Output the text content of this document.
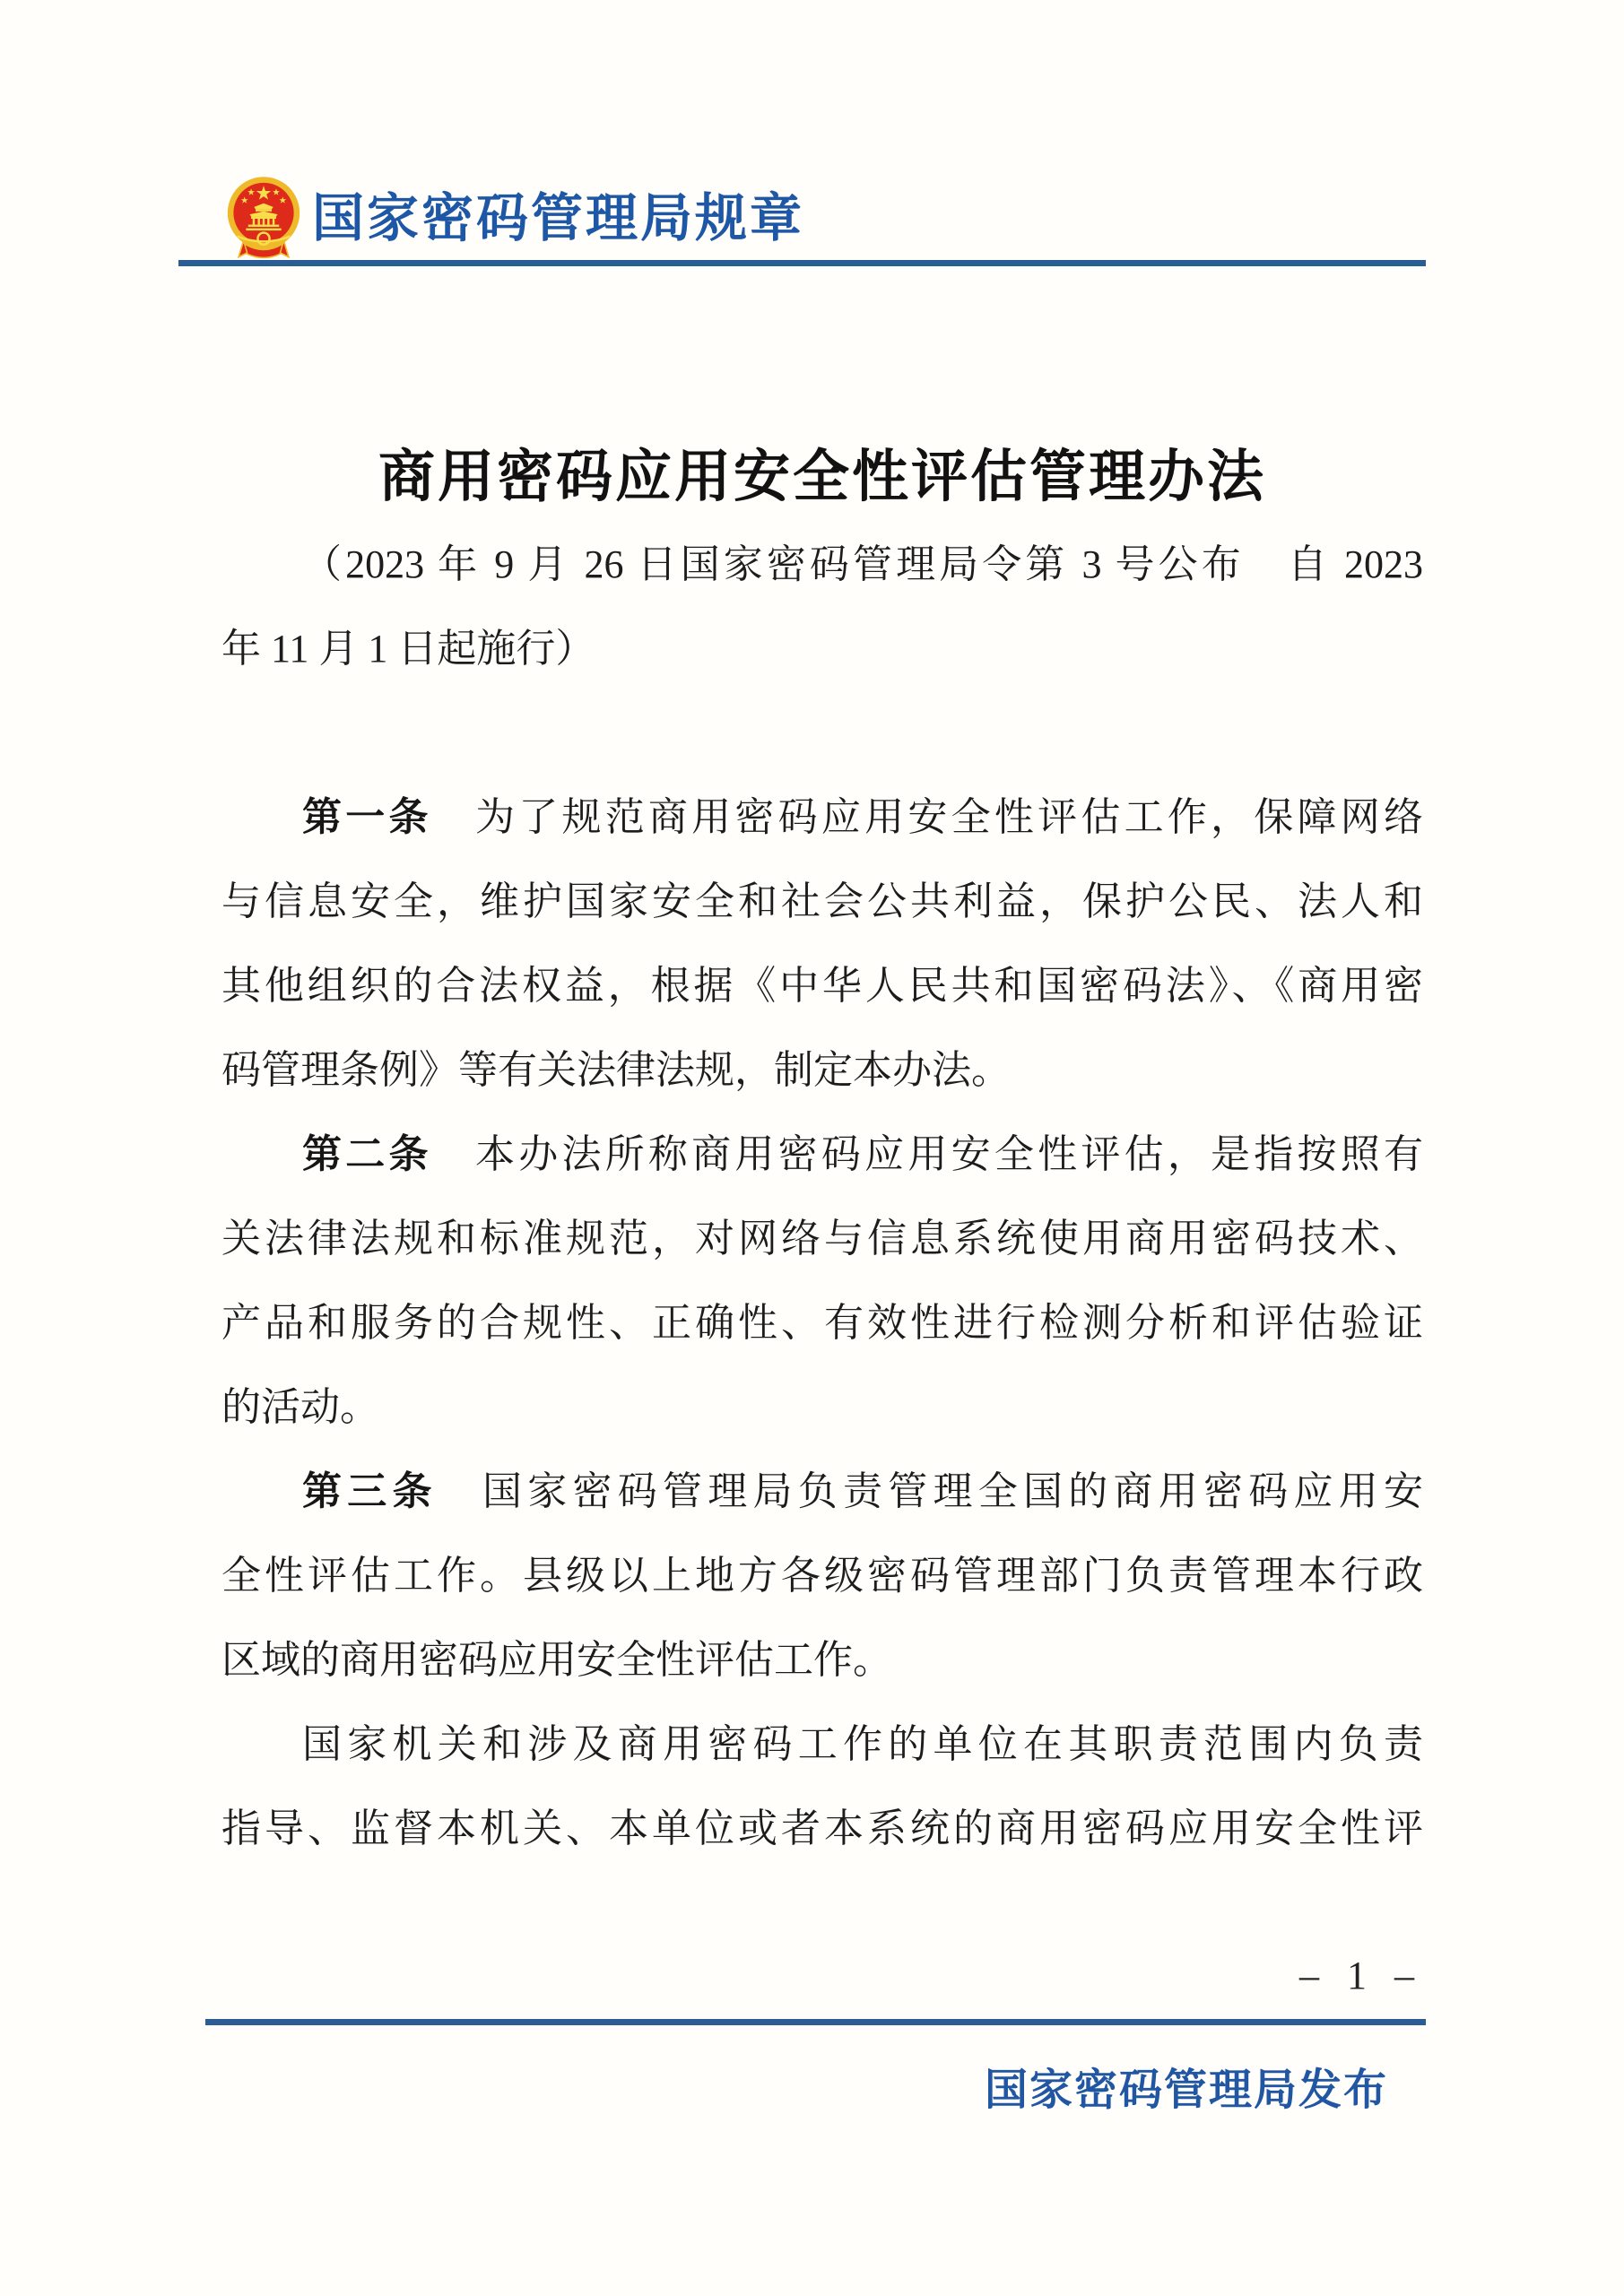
国家密码管理局规章
商用密码应用安全性评估管理办法
（2023 年 9 月 26 日国家密码管理局令第 3 号公布　自 2023
年 11 月 1 日起施行）
第一条　为了规范商用密码应用安全性评估工作，保障网络
与信息安全，维护国家安全和社会公共利益，保护公民、法人和
其他组织的合法权益，根据《中华人民共和国密码法》、《商用密
码管理条例》等有关法律法规，制定本办法。
第二条　本办法所称商用密码应用安全性评估，是指按照有
关法律法规和标准规范，对网络与信息系统使用商用密码技术、
产品和服务的合规性、正确性、有效性进行检测分析和评估验证
的活动。
第三条　国家密码管理局负责管理全国的商用密码应用安
全性评估工作。县级以上地方各级密码管理部门负责管理本行政
区域的商用密码应用安全性评估工作。
国家机关和涉及商用密码工作的单位在其职责范围内负责
指导、监督本机关、本单位或者本系统的商用密码应用安全性评
– 1 –
国家密码管理局发布
